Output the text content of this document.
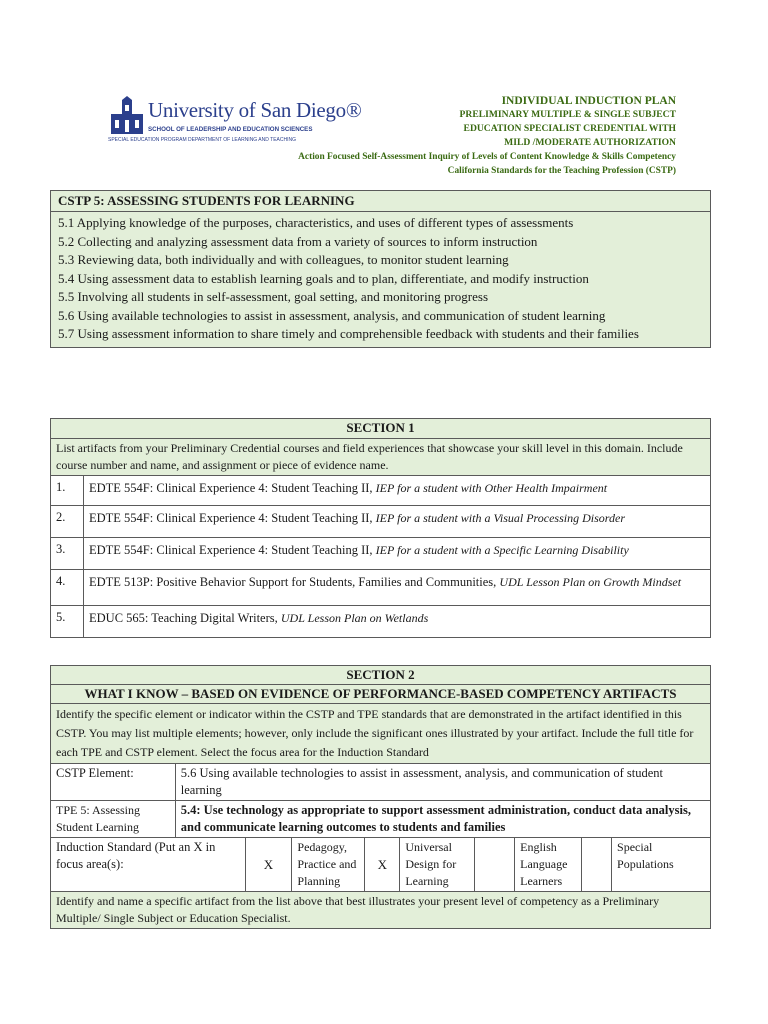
University of San Diego®
SCHOOL OF LEADERSHIP AND EDUCATION SCIENCES
SPECIAL EDUCATION PROGRAM DEPARTMENT OF LEARNING AND TEACHING
INDIVIDUAL INDUCTION PLAN
PRELIMINARY MULTIPLE & SINGLE SUBJECT
EDUCATION SPECIALIST CREDENTIAL WITH
MILD /MODERATE AUTHORIZATION
Action Focused Self-Assessment Inquiry of Levels of Content Knowledge & Skills Competency
California Standards for the Teaching Profession (CSTP)
CSTP 5: ASSESSING STUDENTS FOR LEARNING

5.1 Applying knowledge of the purposes, characteristics, and uses of different types of assessments
5.2 Collecting and analyzing assessment data from a variety of sources to inform instruction
5.3 Reviewing data, both individually and with colleagues, to monitor student learning
5.4 Using assessment data to establish learning goals and to plan, differentiate, and modify instruction
5.5 Involving all students in self-assessment, goal setting, and monitoring progress
5.6 Using available technologies to assist in assessment, analysis, and communication of student learning
5.7 Using assessment information to share timely and comprehensible feedback with students and their families
SECTION 1	
List artifacts from your Preliminary Credential courses and field experiences that showcase your skill level in this domain. Include course number and name, and assignment or piece of evidence name.	
1.	EDTE 554F: Clinical Experience 4: Student Teaching II, IEP for a student with Other Health Impairment
2.	EDTE 554F: Clinical Experience 4: Student Teaching II, IEP for a student with a Visual Processing Disorder
3.	EDTE 554F: Clinical Experience 4: Student Teaching II, IEP for a student with a Specific Learning Disability
4.	EDTE 513P: Positive Behavior Support for Students, Families and Communities, UDL Lesson Plan on Growth Mindset
5.	EDUC 565: Teaching Digital Writers, UDL Lesson Plan on Wetlands
SECTION 2									
WHAT I KNOW – BASED ON EVIDENCE OF PERFORMANCE-BASED COMPETENCY ARTIFACTS									
Identify the specific element or indicator within the CSTP and TPE standards that are demonstrated in the artifact identified in this CSTP. You may list multiple elements; however, only include the significant ones illustrated by your artifact. Include the full title for each TPE and CSTP element. Select the focus area for the Induction Standard									
CSTP Element:	5.6 Using available technologies to assist in assessment, analysis, and communication of student learning								
TPE 5: Assessing Student Learning	5.4: Use technology as appropriate to support assessment administration, conduct data analysis, and communicate learning outcomes to students and families								
Induction Standard (Put an X in focus area(s):		X	Pedagogy, Practice and Planning	X	Universal Design for Learning		English Language Learners		Special Populations
Identify and name a specific artifact from the list above that best illustrates your present level of competency as a Preliminary Multiple/ Single Subject or Education Specialist.									
